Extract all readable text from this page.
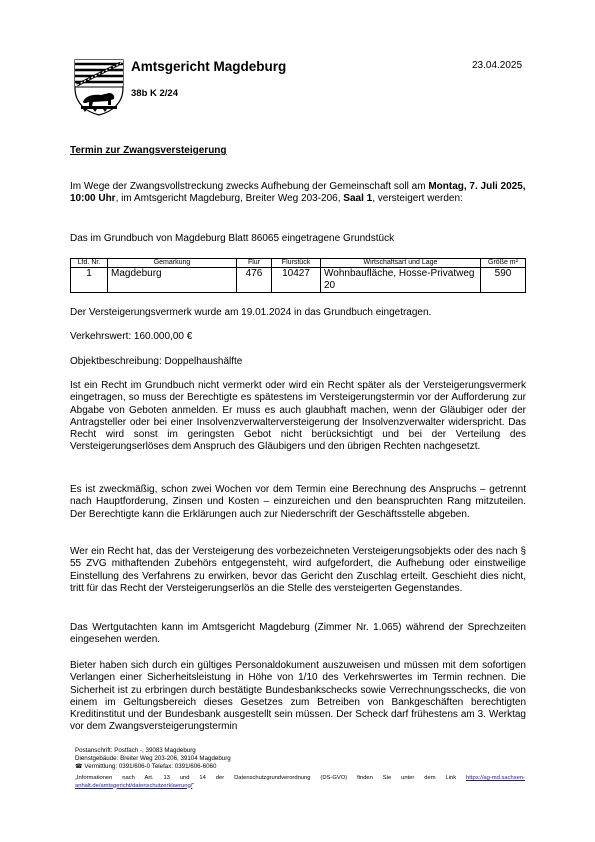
Amtsgericht Magdeburg
38b K 2/24
23.04.2025
Termin zur Zwangsversteigerung
Im Wege der Zwangsvollstreckung zwecks Aufhebung der Gemeinschaft soll am Montag, 7. Juli 2025, 10:00 Uhr, im Amtsgericht Magdeburg, Breiter Weg 203-206, Saal 1, versteigert werden:
Das im Grundbuch von Magdeburg Blatt 86065 eingetragene Grundstück
Lfd. Nr.	Gemarkung	Flur	Flurstück	Wirtschaftsart und Lage	Größe m²
1	Magdeburg	476	10427	Wohnbaufläche, Hosse-Privatweg 20	590
Der Versteigerungsvermerk wurde am 19.01.2024 in das Grundbuch eingetragen.
Verkehrswert: 160.000,00 €
Objektbeschreibung: Doppelhaushälfte
Ist ein Recht im Grundbuch nicht vermerkt oder wird ein Recht später als der Versteigerungsvermerk eingetragen, so muss der Berechtigte es spätestens im Versteigerungstermin vor der Aufforderung zur Abgabe von Geboten anmelden. Er muss es auch glaubhaft machen, wenn der Gläubiger oder der Antragsteller oder bei einer Insolvenzverwalterversteigerung der Insolvenzverwalter widerspricht. Das Recht wird sonst im geringsten Gebot nicht berücksichtigt und bei der Verteilung des Versteigerungserlöses dem Anspruch des Gläubigers und den übrigen Rechten nachgesetzt.
Es ist zweckmäßig, schon zwei Wochen vor dem Termin eine Berechnung des Anspruchs – getrennt nach Hauptforderung, Zinsen und Kosten – einzureichen und den beanspruchten Rang mitzuteilen. Der Berechtigte kann die Erklärungen auch zur Niederschrift der Geschäftsstelle abgeben.
Wer ein Recht hat, das der Versteigerung des vorbezeichneten Versteigerungsobjekts oder des nach § 55 ZVG mithaftenden Zubehörs entgegensteht, wird aufgefordert, die Aufhebung oder einstweilige Einstellung des Verfahrens zu erwirken, bevor das Gericht den Zuschlag erteilt. Geschieht dies nicht, tritt für das Recht der Versteigerungserlös an die Stelle des versteigerten Gegenstandes.
Das Wertgutachten kann im Amtsgericht Magdeburg (Zimmer Nr. 1.065) während der Sprechzeiten eingesehen werden.
Bieter haben sich durch ein gültiges Personaldokument auszuweisen und müssen mit dem sofortigen Verlangen einer Sicherheitsleistung in Höhe von 1/10 des Verkehrswertes im Termin rechnen. Die Sicherheit ist zu erbringen durch bestätigte Bundesbankschecks sowie Verrechnungsschecks, die von einem im Geltungsbereich dieses Gesetzes zum Betreiben von Bankgeschäften berechtigten Kreditinstitut und der Bundesbank ausgestellt sein müssen. Der Scheck darf frühestens am 3. Werktag vor dem Zwangsversteigerungstermin
Postanschrift: Postfach -, 39083 Magdeburg
Dienstgebäude: Breiter Weg 203-206, 39104 Magdeburg
☎ Vermittlung: 0391/606-0 Telefax: 0391/606-6060
„Informationen nach Art. 13 und 14 der Datenschutzgrundverordnung (DS-GVO) finden Sie unter dem Link https://ag-md.sachsen-anhalt.de/amtsgericht/datenschutzerklaerung/“
